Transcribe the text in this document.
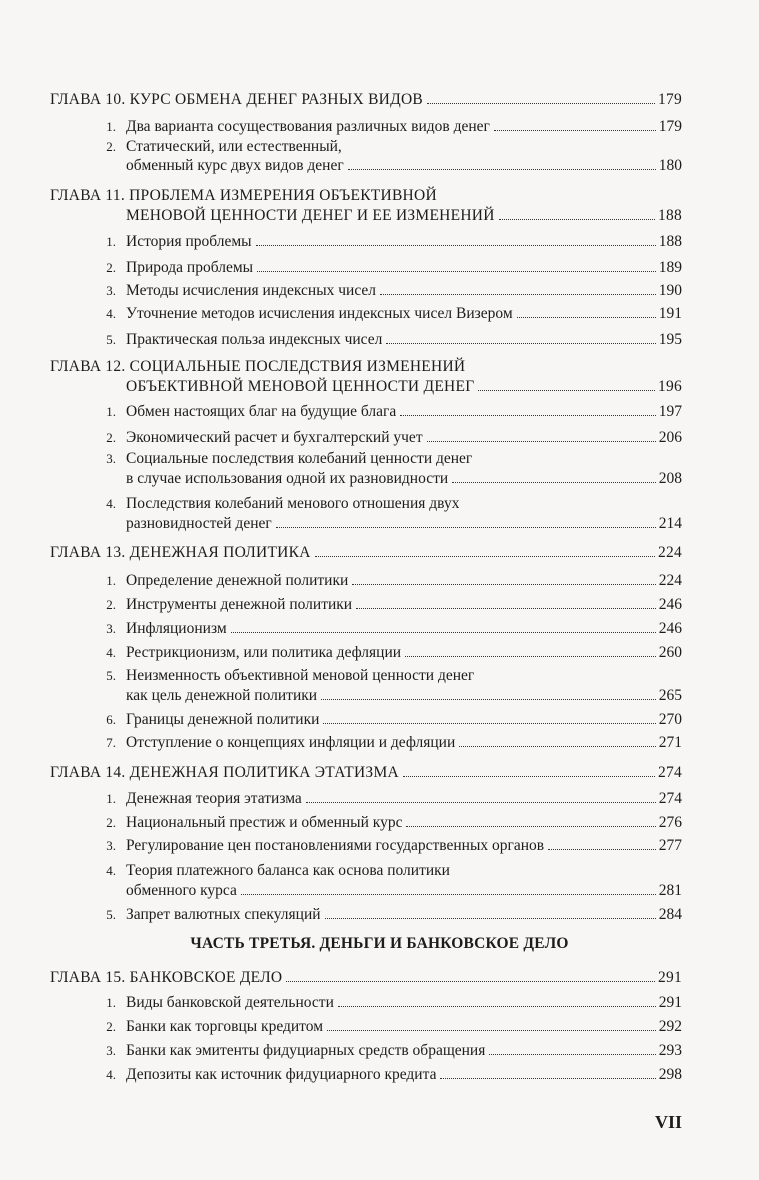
ГЛАВА 10. КУРС ОБМЕНА ДЕНЕГ РАЗНЫХ ВИДОВ	179
1. Два варианта сосуществования различных видов денег	179
2. Статический, или естественный,
обменный курс двух видов денег	180
ГЛАВА 11. ПРОБЛЕМА ИЗМЕРЕНИЯ ОБЪЕКТИВНОЙ
МЕНОВОЙ ЦЕННОСТИ ДЕНЕГ И ЕЕ ИЗМЕНЕНИЙ	188
1. История проблемы	188
2. Природа проблемы	189
3. Методы исчисления индексных чисел	190
4. Уточнение методов исчисления индексных чисел Визером	191
5. Практическая польза индексных чисел	195
ГЛАВА 12. СОЦИАЛЬНЫЕ ПОСЛЕДСТВИЯ ИЗМЕНЕНИЙ
ОБЪЕКТИВНОЙ МЕНОВОЙ ЦЕННОСТИ ДЕНЕГ	196
1. Обмен настоящих благ на будущие блага	197
2. Экономический расчет и бухгалтерский учет	206
3. Социальные последствия колебаний ценности денег
в случае использования одной их разновидности	208
4. Последствия колебаний менового отношения двух
разновидностей денег	214
ГЛАВА 13. ДЕНЕЖНАЯ ПОЛИТИКА	224
1. Определение денежной политики	224
2. Инструменты денежной политики	246
3. Инфляционизм	246
4. Рестрикционизм, или политика дефляции	260
5. Неизменность объективной меновой ценности денег
как цель денежной политики	265
6. Границы денежной политики	270
7. Отступление о концепциях инфляции и дефляции	271
ГЛАВА 14. ДЕНЕЖНАЯ ПОЛИТИКА ЭТАТИЗМА	274
1. Денежная теория этатизма	274
2. Национальный престиж и обменный курс	276
3. Регулирование цен постановлениями государственных органов	277
4. Теория платежного баланса как основа политики
обменного курса	281
5. Запрет валютных спекуляций	284
ЧАСТЬ ТРЕТЬЯ. ДЕНЬГИ И БАНКОВСКОЕ ДЕЛО
ГЛАВА 15. БАНКОВСКОЕ ДЕЛО	291
1. Виды банковской деятельности	291
2. Банки как торговцы кредитом	292
3. Банки как эмитенты фидуциарных средств обращения	293
4. Депозиты как источник фидуциарного кредита	298
VII
